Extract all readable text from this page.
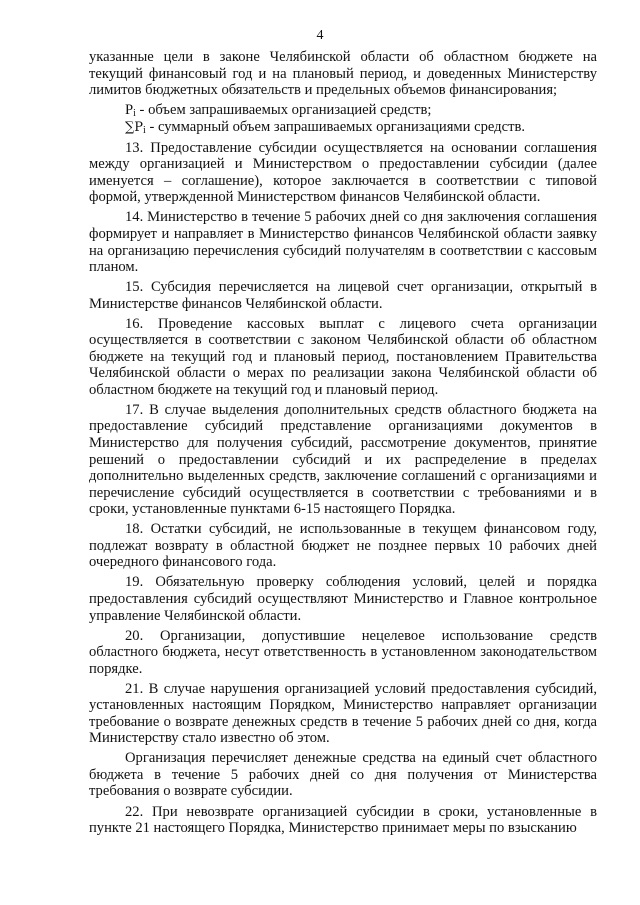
4

указанные цели в законе Челябинской области об областном бюджете на текущий финансовый год и на плановый период, и доведенных Министерству лимитов бюджетных обязательств и предельных объемов финансирования;

$P_i$ - объем запрашиваемых организацией средств;

$\sum P_i$ - суммарный объем запрашиваемых организациями средств.

13. Предоставление субсидии осуществляется на основании соглашения между организацией и Министерством о предоставлении субсидии (далее именуется – соглашение), которое заключается в соответствии с типовой формой, утвержденной Министерством финансов Челябинской области.

14. Министерство в течение 5 рабочих дней со дня заключения соглашения формирует и направляет в Министерство финансов Челябинской области заявку на организацию перечисления субсидий получателям в соответствии с кассовым планом.

15. Субсидия перечисляется на лицевой счет организации, открытый в Министерстве финансов Челябинской области.

16. Проведение кассовых выплат с лицевого счета организации осуществляется в соответствии с законом Челябинской области об областном бюджете на текущий год и плановый период, постановлением Правительства Челябинской области о мерах по реализации закона Челябинской области об областном бюджете на текущий год и плановый период.

17. В случае выделения дополнительных средств областного бюджета на предоставление субсидий представление организациями документов в Министерство для получения субсидий, рассмотрение документов, принятие решений о предоставлении субсидий и их распределение в пределах дополнительно выделенных средств, заключение соглашений с организациями и перечисление субсидий осуществляется в соответствии с требованиями и в сроки, установленные пунктами 6-15 настоящего Порядка.

18. Остатки субсидий, не использованные в текущем финансовом году, подлежат возврату в областной бюджет не позднее первых 10 рабочих дней очередного финансового года.

19. Обязательную проверку соблюдения условий, целей и порядка предоставления субсидий осуществляют Министерство и Главное контрольное управление Челябинской области.

20. Организации, допустившие нецелевое использование средств областного бюджета, несут ответственность в установленном законодательством порядке.

21. В случае нарушения организацией условий предоставления субсидий, установленных настоящим Порядком, Министерство направляет организации требование о возврате денежных средств в течение 5 рабочих дней со дня, когда Министерству стало известно об этом.

Организация перечисляет денежные средства на единый счет областного бюджета в течение 5 рабочих дней со дня получения от Министерства требования о возврате субсидии.

22. При невозврате организацией субсидии в сроки, установленные в пункте 21 настоящего Порядка, Министерство принимает меры по взысканию
